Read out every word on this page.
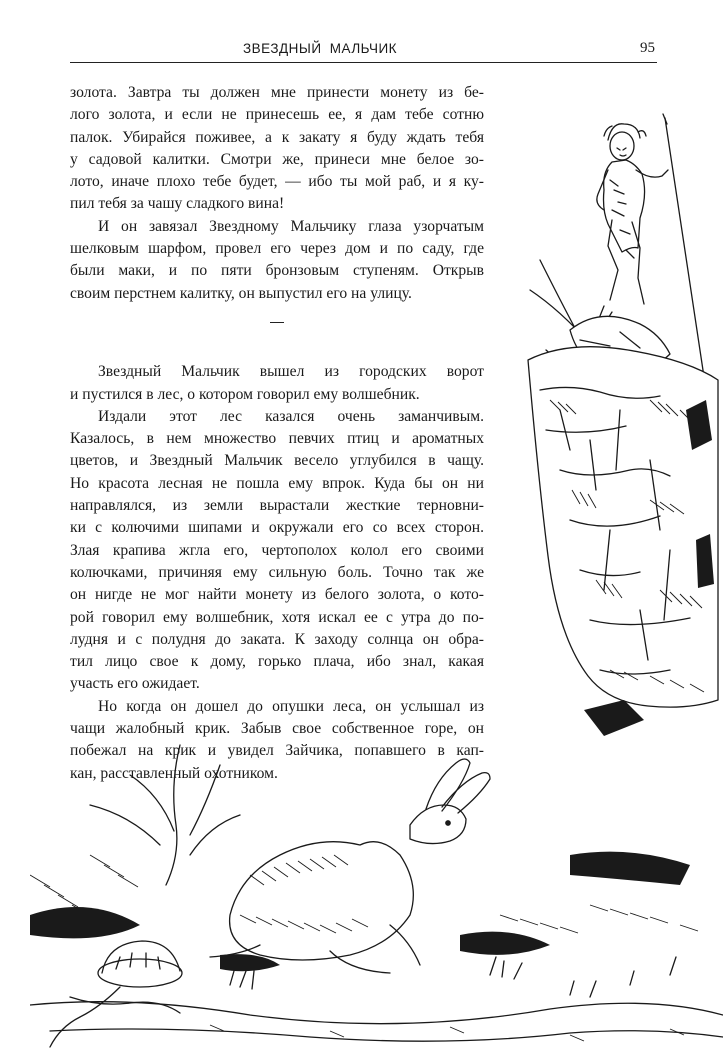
ЗВЕЗДНЫЙ МАЛЬЧИК	95
золота. Завтра ты должен мне принести монету из бе-
лого золота, и если не принесешь ее, я дам тебе сотню
палок. Убирайся поживее, а к закату я буду ждать тебя
у садовой калитки. Смотри же, принеси мне белое зо-
лото, иначе плохо тебе будет, — ибо ты мой раб, и я ку-
пил тебя за чашу сладкого вина!
И он завязал Звездному Мальчику глаза узорчатым
шелковым шарфом, провел его через дом и по саду, где
были маки, и по пяти бронзовым ступеням. Открыв
своим перстнем калитку, он выпустил его на улицу.
Звездный Мальчик вышел из городских ворот
и пустился в лес, о котором говорил ему волшебник.
Издали этот лес казался очень заманчивым.
Казалось, в нем множество певчих птиц и ароматных
цветов, и Звездный Мальчик весело углубился в чащу.
Но красота лесная не пошла ему впрок. Куда бы он ни
направлялся, из земли вырастали жесткие терновни-
ки с колючими шипами и окружали его со всех сторон.
Злая крапива жгла его, чертополох колол его своими
колючками, причиняя ему сильную боль. Точно так же
он нигде не мог найти монету из белого золота, о кото-
рой говорил ему волшебник, хотя искал ее с утра до по-
лудня и с полудня до заката. К заходу солнца он обра-
тил лицо свое к дому, горько плача, ибо знал, какая
участь его ожидает.
Но когда он дошел до опушки леса, он услышал из
чащи жалобный крик. Забыв свое собственное горе, он
побежал на крик и увидел Зайчика, попавшего в кап-
кан, расставленный охотником.
